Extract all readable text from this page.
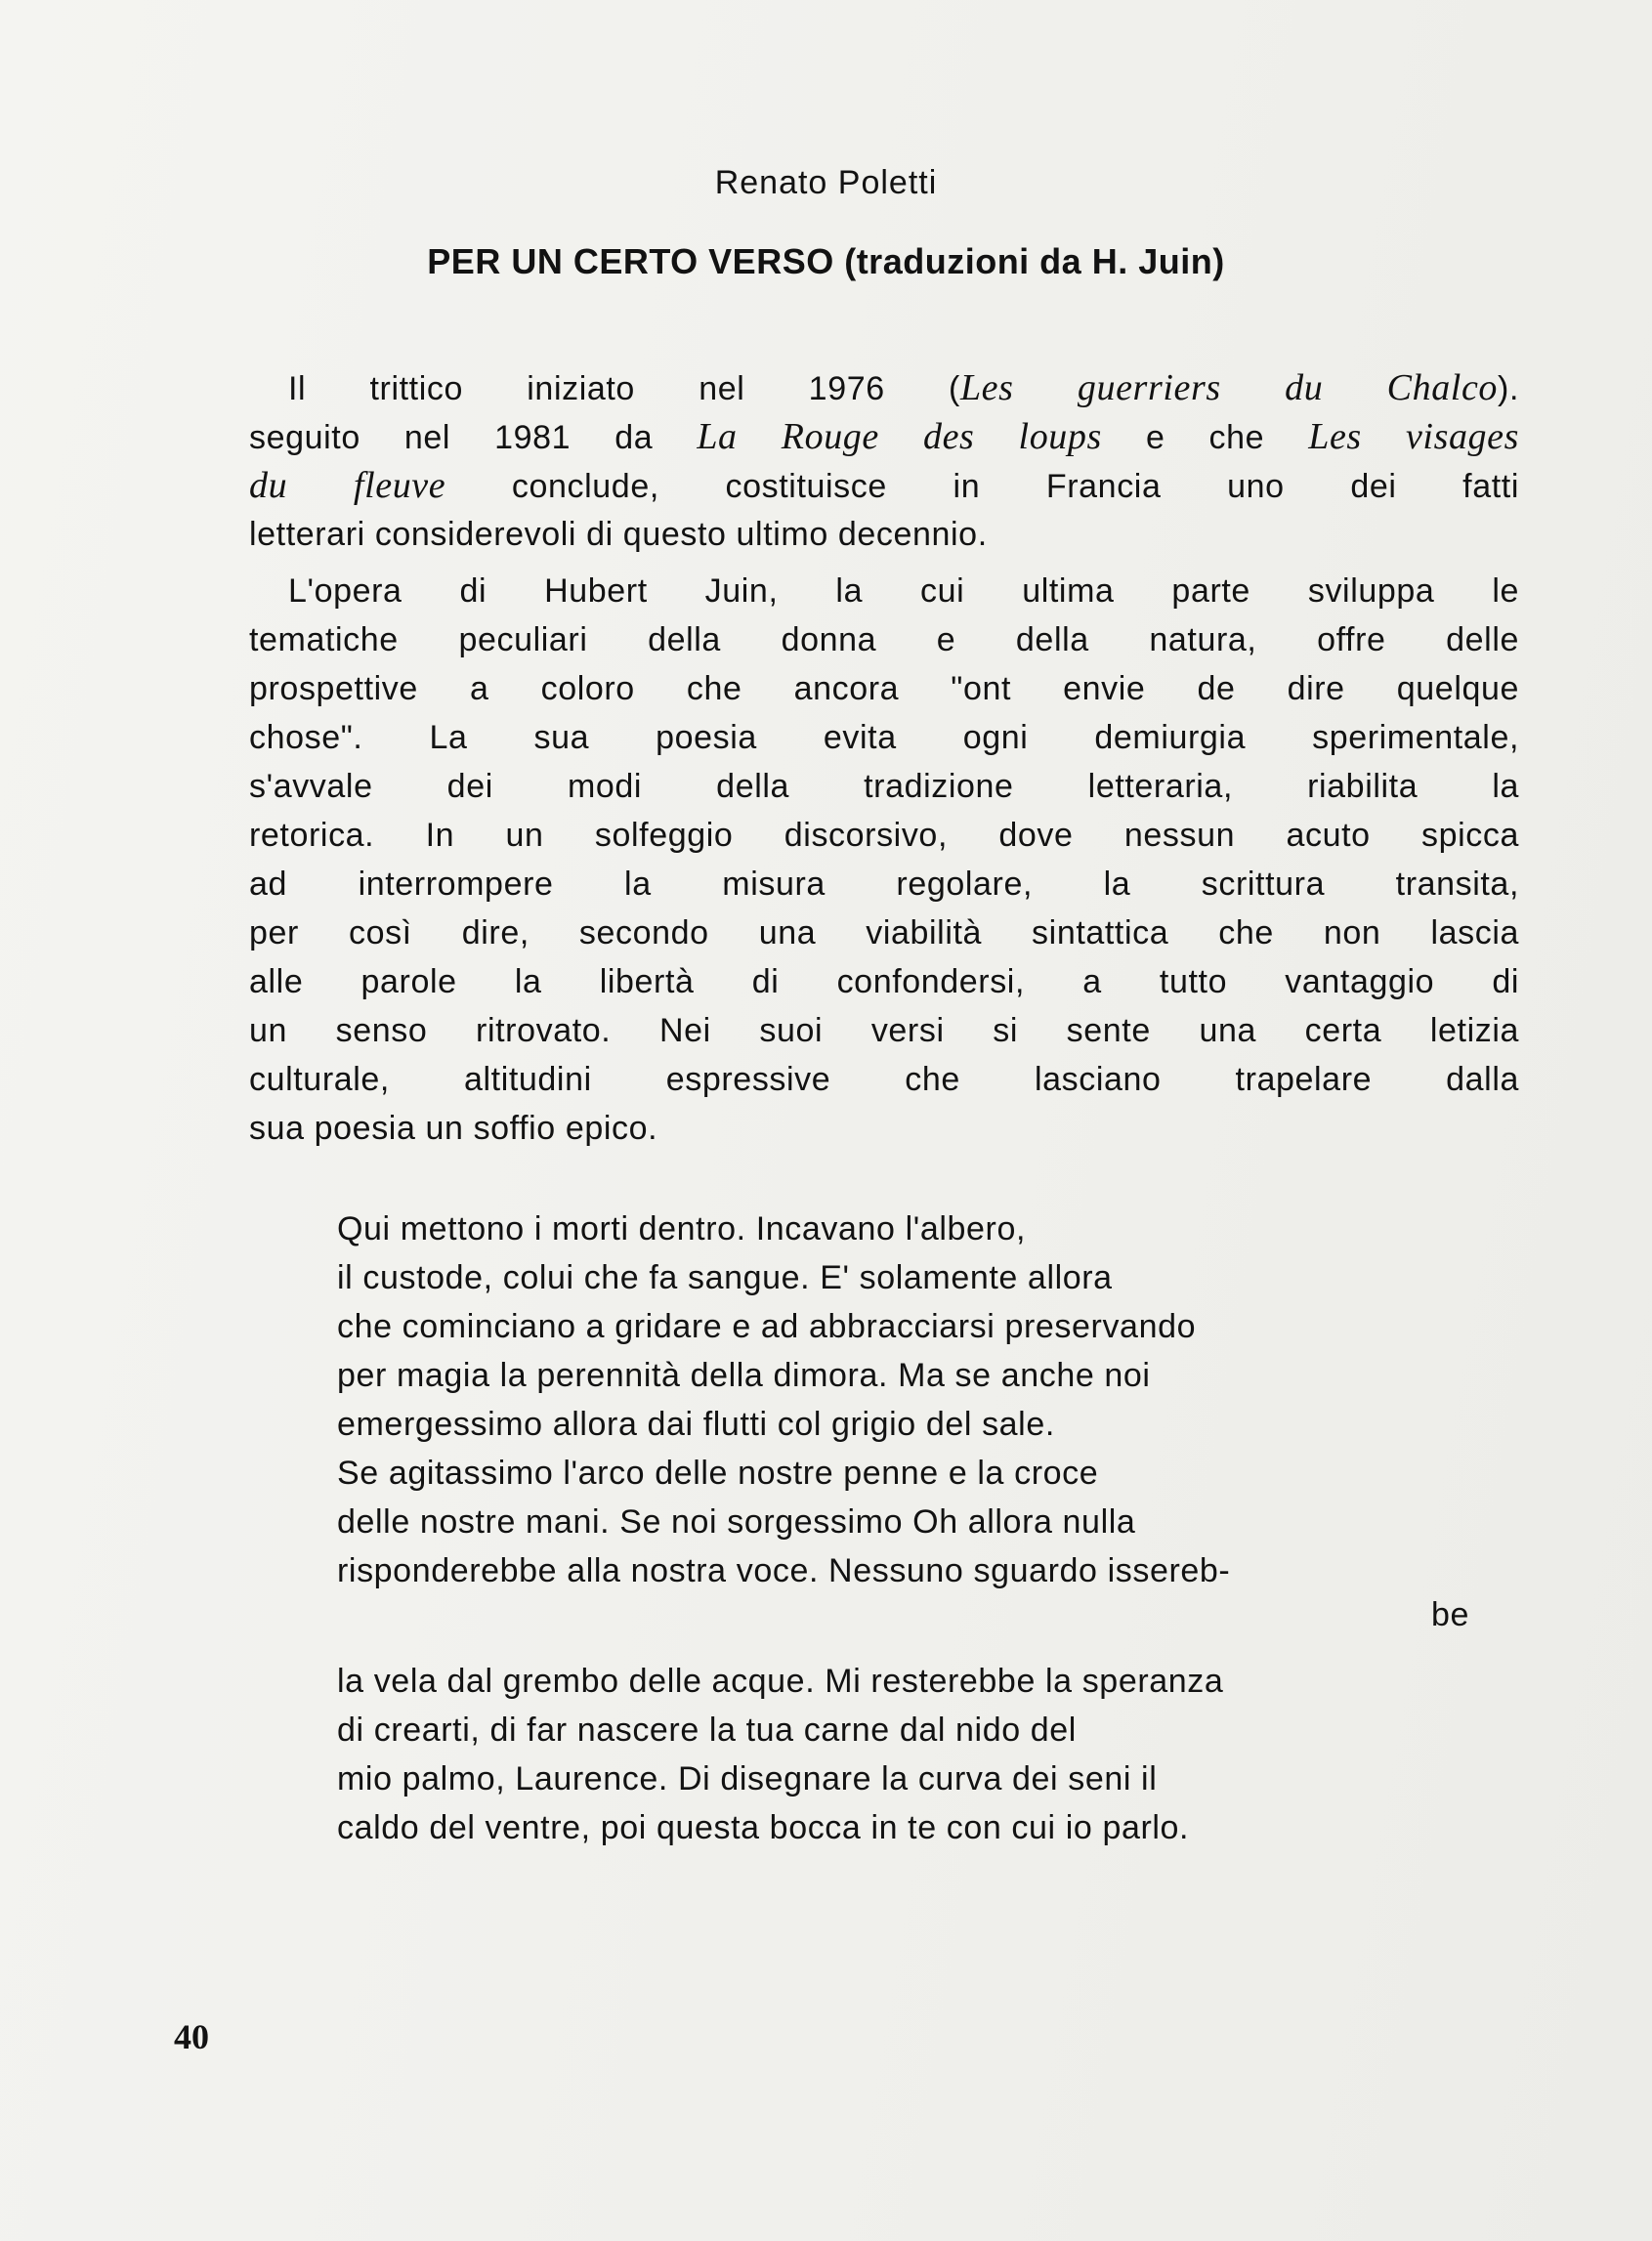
Renato Poletti
PER UN CERTO VERSO (traduzioni da H. Juin)
Il trittico iniziato nel 1976 (Les guerriers du Chalco).
seguito nel 1981 da La Rouge des loups e che Les visages
du fleuve conclude, costituisce in Francia uno dei fatti
letterari considerevoli di questo ultimo decennio.
L'opera di Hubert Juin, la cui ultima parte sviluppa le
tematiche peculiari della donna e della natura, offre delle
prospettive a coloro che ancora "ont envie de dire quelque
chose". La sua poesia evita ogni demiurgia sperimentale,
s'avvale dei modi della tradizione letteraria, riabilita la
retorica. In un solfeggio discorsivo, dove nessun acuto spicca
ad interrompere la misura regolare, la scrittura transita,
per così dire, secondo una viabilità sintattica che non lascia
alle parole la libertà di confondersi, a tutto vantaggio di
un senso ritrovato. Nei suoi versi si sente una certa letizia
culturale, altitudini espressive che lasciano trapelare dalla
sua poesia un soffio epico.
Qui mettono i morti dentro. Incavano l'albero,
il custode, colui che fa sangue. E' solamente allora
che cominciano a gridare e ad abbracciarsi preservando
per magia la perennità della dimora. Ma se anche noi
emergessimo allora dai flutti col grigio del sale.
Se agitassimo l'arco delle nostre penne e la croce
delle nostre mani. Se noi sorgessimo Oh allora nulla
risponderebbe alla nostra voce. Nessuno sguardo issereb-
be
la vela dal grembo delle acque. Mi resterebbe la speranza
di crearti, di far nascere la tua carne dal nido del
mio palmo, Laurence. Di disegnare la curva dei seni il
caldo del ventre, poi questa bocca in te con cui io parlo.
40
